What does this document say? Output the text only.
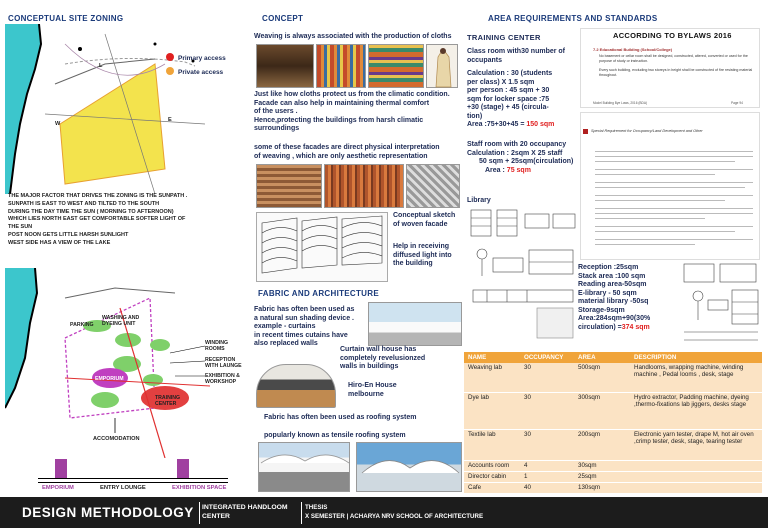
CONCEPTUAL SITE ZONING
Primary access
Private access
L
W
E
THE MAJOR FACTOR THAT DRIVES THE ZONING IS THE SUNPATH .
SUNPATH IS EAST TO WEST AND TILTED TO THE SOUTH
DURING THE DAY TIME THE SUN ( MORNING TO AFTERNOON)
WHICH LIES NORTH EAST GET COMFORTABLE SOFTER LIGHT OF
THE SUN
POST NOON GETS LITTLE HARSH SUNLIGHT
WEST SIDE HAS A VIEW OF THE LAKE
PARKING
WASHING AND DYEING UNIT
WINDING ROOMS
RECEPTION WITH LAUNGE
EXHIBITION & WORKSHOP
EMPORIUM
TRAINING CENTER
ACCOMODATION
EMPORIUM	ENTRY LOUNGE	EXHIBITION SPACE
CONCEPT
Weaving is always associated with the production of cloths
Just like how cloths protect us from the climatic condition.
Facade can also help in maintaining thermal comfort
of the users .
Hence,protecting the buildings from harsh climatic
surroundings
some of these facades are direct physical interpretation
of weaving , which are only aesthetic representation
Conceptual sketch
of woven facade
Help in receiving
diffused light into
the building
FABRIC AND ARCHITECTURE
Fabric has often been used as
a natural sun shading device .
example - curtains
in recent times cutains have
also replaced walls
Curtain wall house has
completely revelusionzed
walls in buildings
Hiro-En House
melbourne
Fabric has often been used as roofing system
popularly known as tensile roofing system
AREA REQUIREMENTS AND STANDARDS
TRAINING CENTER
Class room with30 number of
occupants
Calculation : 30 (students
per class) X 1.5 sqm
per person : 45 sqm + 30
sqm for locker space :75
+30 (stage) + 45 (circula-
tion)
Area :75+30+45 = 150 sqm
Staff room with 20 occupancy
Calculation : 2sqm X 25 staff
50 sqm + 25sqm(circulation)
Area : 75 sqm
Library
ACCORDING TO BYLAWS 2016
7.2 Educational Building (School/College)
No basement or cellar room shall be designed, constructed, altered, converted or used for the purpose of study or instruction.
Every such building, excluding two storeys in height shall be constructed of fire resisting material throughout.
Model Building Bye Laws, 2016 (BDA)	Page 94
Special Requirement for Occupancy/Land Development and Other
Reception :25sqm
Stack area :100 sqm
Reading area-50sqm
E-library - 50 sqm
material library -50sq
Storage-9sqm
Area:284sqm+90(30%
circulation) =374 sqm
NAME	OCCUPANCY	AREA	DESCRIPTION
Weaving lab	30	500sqm	Handlooms, wrapping machine, winding machine , Pedal looms , desk, stage
Dye lab	30	300sqm	Hydro extractor, Padding machine, dyeing ,thermo-fixations lab jiggers, desks stage
Textile lab	30	200sqm	Electronic yarn tester, drape M, hot air oven ,crimp tester, desk, stage, tearing tester
Accounts room	4	30sqm	
Director cabin	1	25sqm	
Cafe	40	130sqm	
DESIGN METHODOLOGY INTEGRATED HANDLOOM
CENTER
THESIS
X SEMESTER | ACHARYA NRV SCHOOL OF ARCHITECTURE
